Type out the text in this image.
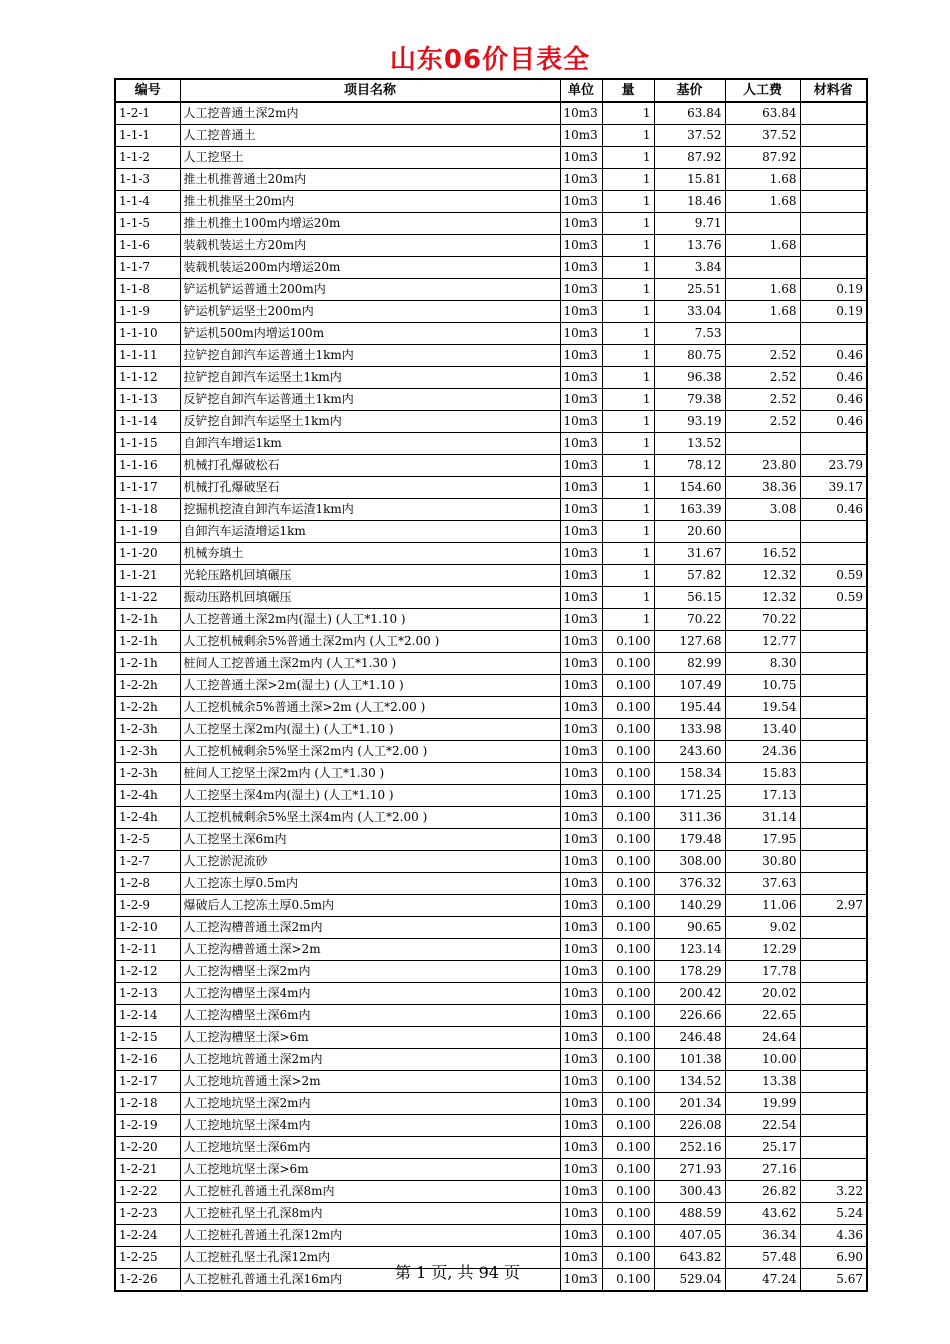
山东06价目表全
编号	项目名称	单位	量	基价	人工费	材料省
1-2-1	人工挖普通土深2m内	10m3	1	63.84	63.84	
1-1-1	人工挖普通土	10m3	1	37.52	37.52	
1-1-2	人工挖坚土	10m3	1	87.92	87.92	
1-1-3	推土机推普通土20m内	10m3	1	15.81	1.68	
1-1-4	推土机推坚土20m内	10m3	1	18.46	1.68	
1-1-5	推土机推土100m内增运20m	10m3	1	9.71		
1-1-6	装载机装运土方20m内	10m3	1	13.76	1.68	
1-1-7	装载机装运200m内增运20m	10m3	1	3.84		
1-1-8	铲运机铲运普通土200m内	10m3	1	25.51	1.68	0.19
1-1-9	铲运机铲运坚土200m内	10m3	1	33.04	1.68	0.19
1-1-10	铲运机500m内增运100m	10m3	1	7.53		
1-1-11	拉铲挖自卸汽车运普通土1km内	10m3	1	80.75	2.52	0.46
1-1-12	拉铲挖自卸汽车运坚土1km内	10m3	1	96.38	2.52	0.46
1-1-13	反铲挖自卸汽车运普通土1km内	10m3	1	79.38	2.52	0.46
1-1-14	反铲挖自卸汽车运坚土1km内	10m3	1	93.19	2.52	0.46
1-1-15	自卸汽车增运1km	10m3	1	13.52		
1-1-16	机械打孔爆破松石	10m3	1	78.12	23.80	23.79
1-1-17	机械打孔爆破坚石	10m3	1	154.60	38.36	39.17
1-1-18	挖掘机挖渣自卸汽车运渣1km内	10m3	1	163.39	3.08	0.46
1-1-19	自卸汽车运渣增运1km	10m3	1	20.60		
1-1-20	机械夯填土	10m3	1	31.67	16.52	
1-1-21	光轮压路机回填碾压	10m3	1	57.82	12.32	0.59
1-1-22	振动压路机回填碾压	10m3	1	56.15	12.32	0.59
1-2-1h	人工挖普通土深2m内(湿土) (人工*1.10 )	10m3	1	70.22	70.22	
1-2-1h	人工挖机械剩余5%普通土深2m内 (人工*2.00 )	10m3	0.100	127.68	12.77	
1-2-1h	桩间人工挖普通土深2m内 (人工*1.30 )	10m3	0.100	82.99	8.30	
1-2-2h	人工挖普通土深>2m(湿土) (人工*1.10 )	10m3	0.100	107.49	10.75	
1-2-2h	人工挖机械余5%普通土深>2m (人工*2.00 )	10m3	0.100	195.44	19.54	
1-2-3h	人工挖坚土深2m内(湿土) (人工*1.10 )	10m3	0.100	133.98	13.40	
1-2-3h	人工挖机械剩余5%坚土深2m内 (人工*2.00 )	10m3	0.100	243.60	24.36	
1-2-3h	桩间人工挖坚土深2m内 (人工*1.30 )	10m3	0.100	158.34	15.83	
1-2-4h	人工挖坚土深4m内(湿土) (人工*1.10 )	10m3	0.100	171.25	17.13	
1-2-4h	人工挖机械剩余5%坚土深4m内 (人工*2.00 )	10m3	0.100	311.36	31.14	
1-2-5	人工挖坚土深6m内	10m3	0.100	179.48	17.95	
1-2-7	人工挖淤泥流砂	10m3	0.100	308.00	30.80	
1-2-8	人工挖冻土厚0.5m内	10m3	0.100	376.32	37.63	
1-2-9	爆破后人工挖冻土厚0.5m内	10m3	0.100	140.29	11.06	2.97
1-2-10	人工挖沟槽普通土深2m内	10m3	0.100	90.65	9.02	
1-2-11	人工挖沟槽普通土深>2m	10m3	0.100	123.14	12.29	
1-2-12	人工挖沟槽坚土深2m内	10m3	0.100	178.29	17.78	
1-2-13	人工挖沟槽坚土深4m内	10m3	0.100	200.42	20.02	
1-2-14	人工挖沟槽坚土深6m内	10m3	0.100	226.66	22.65	
1-2-15	人工挖沟槽坚土深>6m	10m3	0.100	246.48	24.64	
1-2-16	人工挖地坑普通土深2m内	10m3	0.100	101.38	10.00	
1-2-17	人工挖地坑普通土深>2m	10m3	0.100	134.52	13.38	
1-2-18	人工挖地坑坚土深2m内	10m3	0.100	201.34	19.99	
1-2-19	人工挖地坑坚土深4m内	10m3	0.100	226.08	22.54	
1-2-20	人工挖地坑坚土深6m内	10m3	0.100	252.16	25.17	
1-2-21	人工挖地坑坚土深>6m	10m3	0.100	271.93	27.16	
1-2-22	人工挖桩孔普通土孔深8m内	10m3	0.100	300.43	26.82	3.22
1-2-23	人工挖桩孔坚土孔深8m内	10m3	0.100	488.59	43.62	5.24
1-2-24	人工挖桩孔普通土孔深12m内	10m3	0.100	407.05	36.34	4.36
1-2-25	人工挖桩孔坚土孔深12m内	10m3	0.100	643.82	57.48	6.90
1-2-26	人工挖桩孔普通土孔深16m内	10m3	0.100	529.04	47.24	5.67
第 1 页, 共 94 页
